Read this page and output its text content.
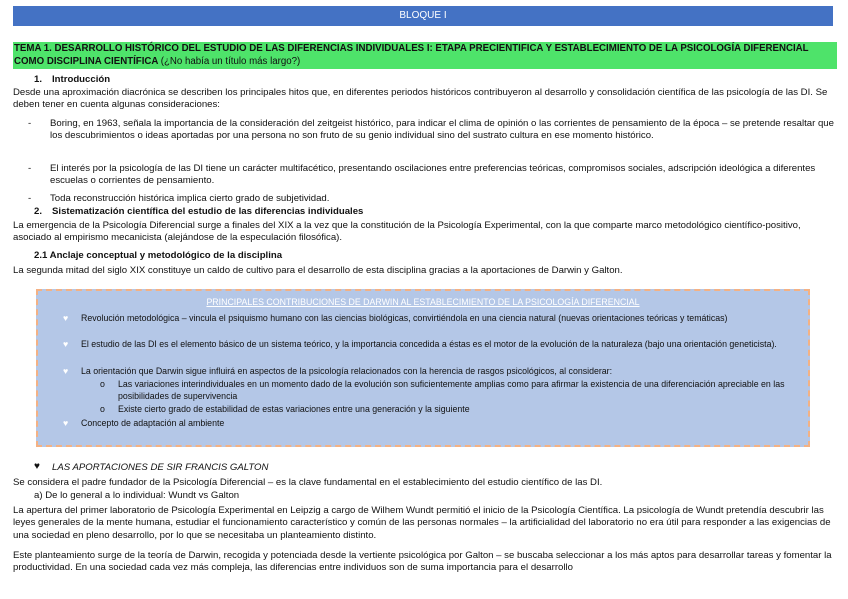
BLOQUE I
TEMA 1. DESARROLLO HISTÓRICO DEL ESTUDIO DE LAS DIFERENCIAS INDIVIDUALES I: ETAPA PRECIENTIFICA Y ESTABLECIMIENTO DE LA PSICOLOGÍA DIFERENCIAL COMO DISCIPLINA CIENTÍFICA (¿No había un título más largo?)
1. Introducción

Desde una aproximación diacrónica se describen los principales hitos que, en diferentes periodos históricos contribuyeron al desarrollo y consolidación científica de las psicología de las DI. Se deben tener en cuenta algunas consideraciones:

- Boring, en 1963, señala la importancia de la consideración del zeitgeist histórico, para indicar el clima de opinión o las corrientes de pensamiento de la época – se pretende resaltar que los descubrimientos o ideas aportadas por una persona no son fruto de su genio individual sino del sustrato cultura en ese momento histórico.
- El interés por la psicología de las DI tiene un carácter multifacético, presentando oscilaciones entre preferencias teóricas, compromisos sociales, adscripción ideológica a diferentes escuelas o corrientes de pensamiento.
- Toda reconstrucción histórica implica cierto grado de subjetividad.
2. Sistematización científica del estudio de las diferencias individuales

La emergencia de la Psicología Diferencial surge a finales del XIX a la vez que la constitución de la Psicología Experimental, con la que comparte marco metodológico científico-positivo, asociado al empirismo mecanicista (alejándose de la especulación filosófica).

2.1 Anclaje conceptual y metodológico de la disciplina

La segunda mitad del siglo XIX constituye un caldo de cultivo para el desarrollo de esta disciplina gracias a la aportaciones de Darwin y Galton.

PRINCIPALES CONTRIBUCIONES DE DARWIN AL ESTABLECIMIENTO DE LA PSICOLOGÍA DIFERENCIAL
♥ Revolución metodológica – vincula el psiquismo humano con las ciencias biológicas, convirtiéndola en una ciencia natural (nuevas orientaciones teóricas y temáticas)
♥ El estudio de las DI es el elemento básico de un sistema teórico, y la importancia concedida a éstas es el motor de la evolución de la naturaleza (bajo una orientación geneticista).
♥ La orientación que Darwin sigue influirá en aspectos de la psicología relacionados con la herencia de rasgos psicológicos, al considerar:
o Las variaciones interindividuales en un momento dado de la evolución son suficientemente amplias como para afirmar la existencia de una diferenciación apreciable en las posibilidades de supervivencia
o Existe cierto grado de estabilidad de estas variaciones entre una generación y la siguiente
♥ Concepto de adaptación al ambiente
♥ LAS APORTACIONES DE SIR FRANCIS GALTON

Se considera el padre fundador de la Psicología Diferencial – es la clave fundamental en el establecimiento del estudio científico de las DI.

a) De lo general a lo individual: Wundt vs Galton

La apertura del primer laboratorio de Psicología Experimental en Leipzig a cargo de Wilhem Wundt permitió el inicio de la Psicología Científica. La psicología de Wundt pretendía descubrir las leyes generales de la mente humana, estudiar el funcionamiento característico y común de las personas normales – la artificialidad del laboratorio no era útil para responder a las exigencias de una sociedad en pleno desarrollo, por lo que se necesitaba un planteamiento distinto.

Este planteamiento surge de la teoría de Darwin, recogida y potenciada desde la vertiente psicológica por Galton – se buscaba seleccionar a los más aptos para desarrollar tareas y fomentar la productividad. En una sociedad cada vez más compleja, las diferencias entre individuos son de suma importancia para el desarrollo
